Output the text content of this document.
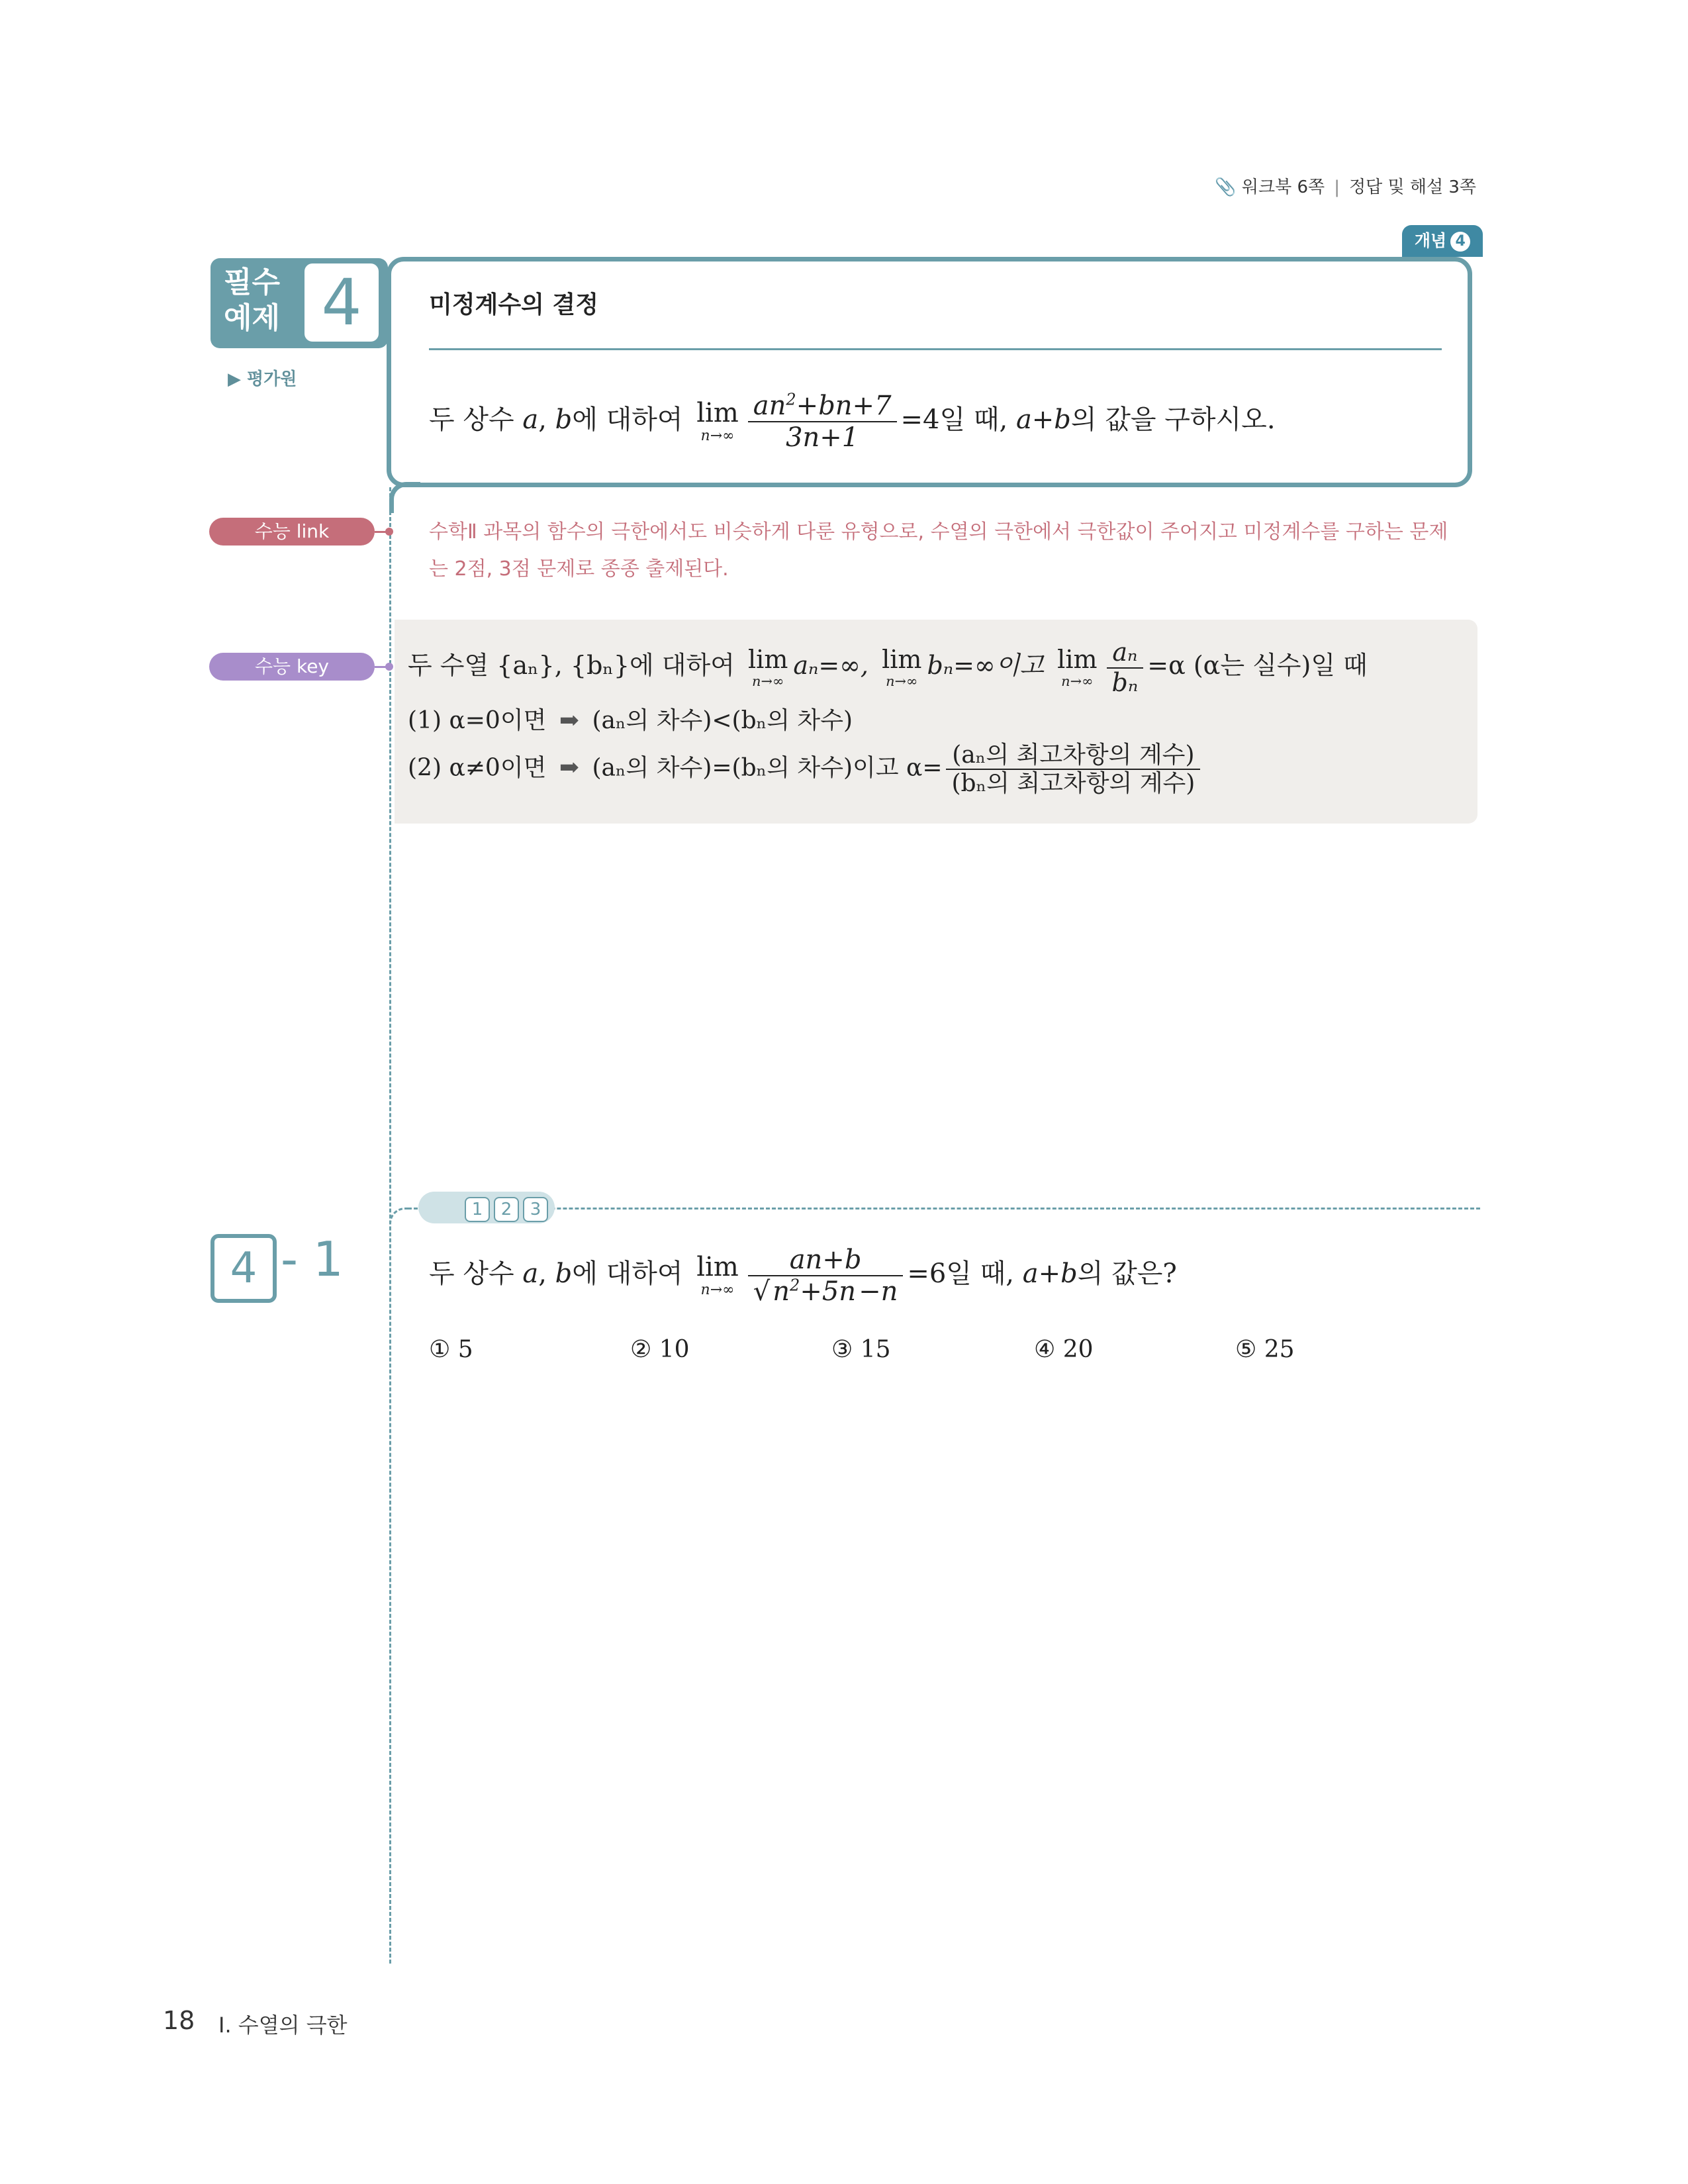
📎 워크북 6쪽 | 정답 및 해설 3쪽
필수
예제 4
▶ 평가원
개념 4
미정계수의 결정
두 상수 a, b에 대하여 lim
$n\to\infty \frac{an^2+bn+7}{3n+1} =4$일 때, a+b의 값을 구하시오.
수능 link	수학Ⅱ 과목의 함수의 극한에서도 비슷하게 다룬 유형으로, 수열의 극한에서 극한값이 주어지고 미정계수를 구하는 문제는 2점, 3점 문제로 종종 출제된다.
수능 key	두 수열 {aₙ}, {bₙ}에 대하여 lim
n→∞
aₙ=∞, lim
n→∞
bₙ=∞이고 lim
$n\to\infty \frac{\text{aₙ}}{\text{bₙ}} =\alpha$ (α는 실수)일 때
(1) α=0이면 ➡ (aₙ의 차수)<(bₙ의 차수)
(2) α≠0이면 ➡ (aₙ의 차수)=(bₙ의 차수)이고 $\alpha= \frac{\text{(aₙ의 최고차항의 계수)}}{\text{(bₙ의 최고차항의 계수)}}$
1	2	3
4 - 1	두 상수 a, b에 대하여 lim
$n\to\infty \frac{an+b}{√ n^2+5n -n} =6$일 때, a+b의 값은?
① 5	② 10	③ 15	④ 20	⑤ 25
18 I. 수열의 극한
